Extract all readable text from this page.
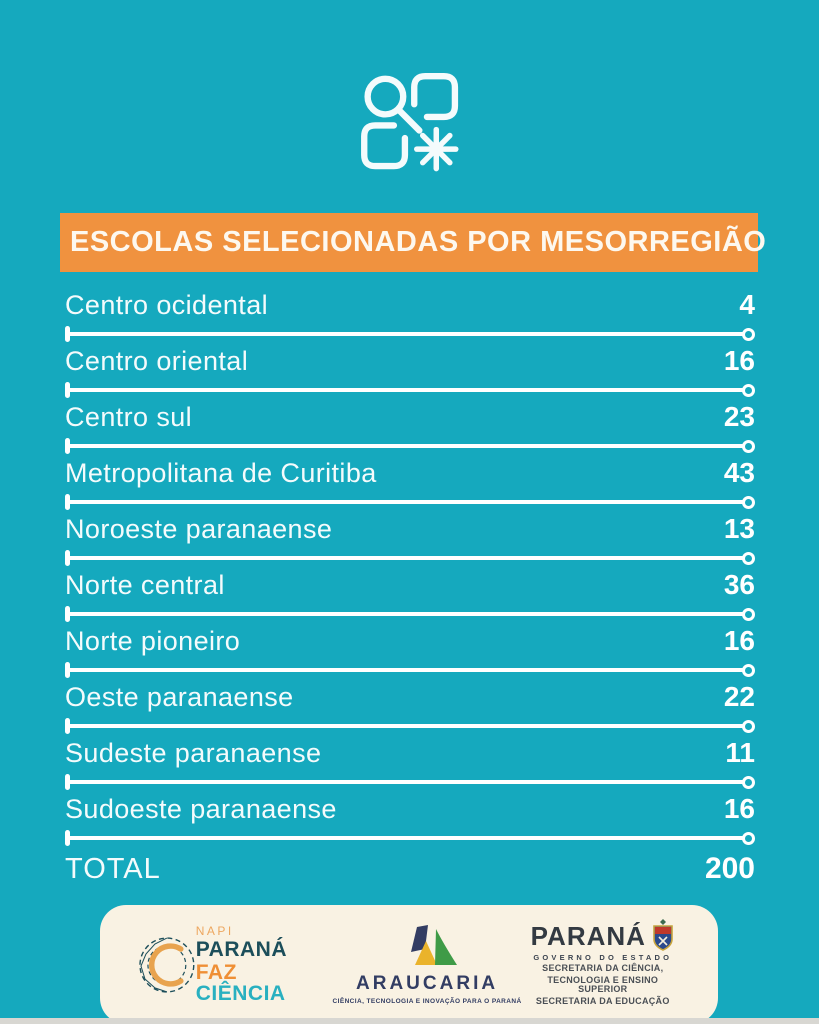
ESCOLAS SELECIONADAS POR MESORREGIÃO
Centro ocidental	4
Centro oriental	16
Centro sul	23
Metropolitana de Curitiba	43
Noroeste paranaense	13
Norte central	36
Norte pioneiro	16
Oeste paranaense	22
Sudeste paranaense	11
Sudoeste paranaense	16
TOTAL	200
NAPI
PARANÁ
FAZ CIÊNCIA	ARAUCARIA
CIÊNCIA, TECNOLOGIA E INOVAÇÃO PARA O PARANÁ
PARANÁ
GOVERNO DO ESTADO
SECRETARIA DA CIÊNCIA,
TECNOLOGIA E ENSINO SUPERIOR
SECRETARIA DA EDUCAÇÃO
